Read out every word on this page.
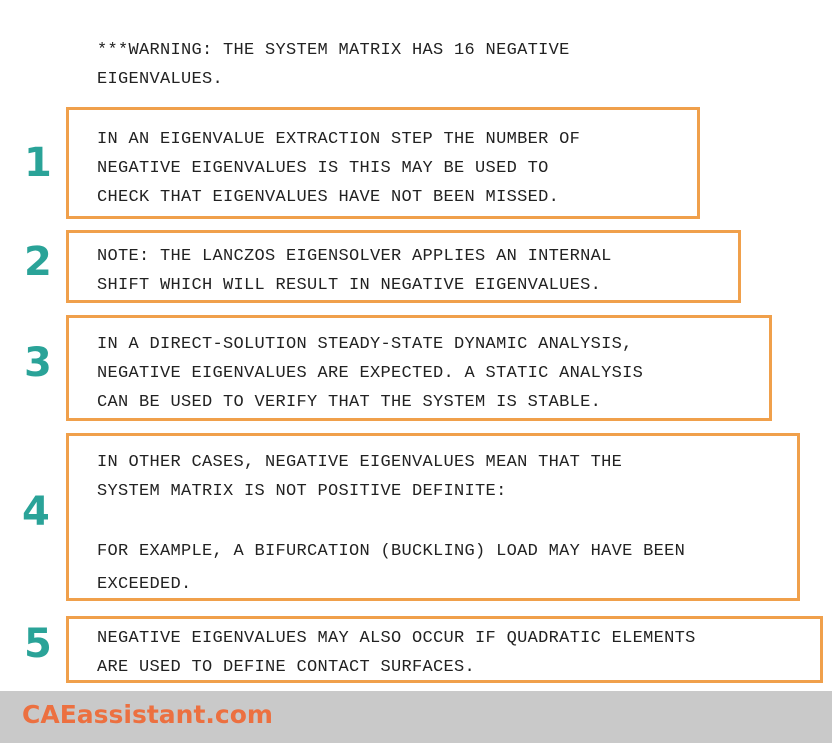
***WARNING: THE SYSTEM MATRIX HAS 16 NEGATIVE
EIGENVALUES.
1
IN AN EIGENVALUE EXTRACTION STEP THE NUMBER OF
NEGATIVE EIGENVALUES IS THIS MAY BE USED TO
CHECK THAT EIGENVALUES HAVE NOT BEEN MISSED.
2	NOTE: THE LANCZOS EIGENSOLVER APPLIES AN INTERNAL
SHIFT WHICH WILL RESULT IN NEGATIVE EIGENVALUES.
3	IN A DIRECT-SOLUTION STEADY-STATE DYNAMIC ANALYSIS,
NEGATIVE EIGENVALUES ARE EXPECTED. A STATIC ANALYSIS
CAN BE USED TO VERIFY THAT THE SYSTEM IS STABLE.
4
IN OTHER CASES, NEGATIVE EIGENVALUES MEAN THAT THE
SYSTEM MATRIX IS NOT POSITIVE DEFINITE:
FOR EXAMPLE, A BIFURCATION (BUCKLING) LOAD MAY HAVE BEEN
EXCEEDED.
5	NEGATIVE EIGENVALUES MAY ALSO OCCUR IF QUADRATIC ELEMENTS
ARE USED TO DEFINE CONTACT SURFACES.
CAEassistant.com
